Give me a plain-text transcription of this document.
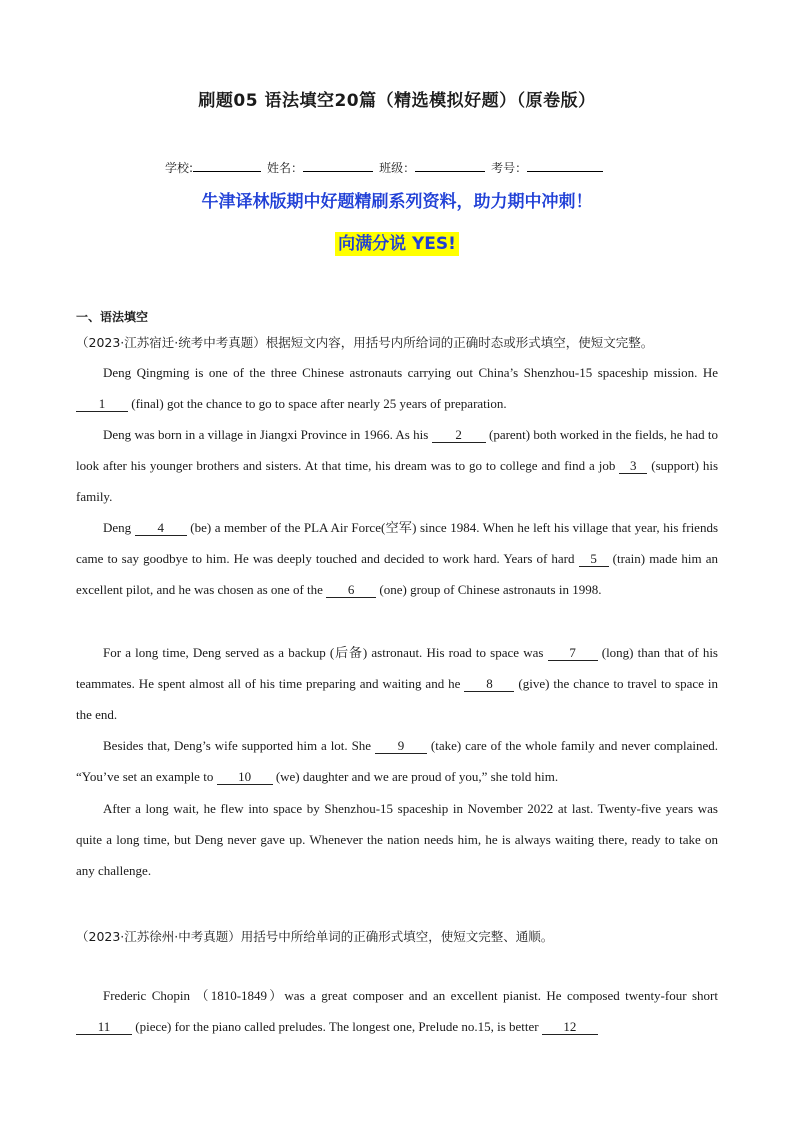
刷题05 语法填空20篇（精选模拟好题）（原卷版）
学校:	姓名：	班级：	考号：
牛津译林版期中好题精刷系列资料，助力期中冲刺！
向满分说 YES!
一、语法填空
（2023·江苏宿迁·统考中考真题）根据短文内容，用括号内所给词的正确时态或形式填空，使短文完整。
Deng Qingming is one of the three Chinese astronauts carrying out China’s Shenzhou-15 spaceship mission. He 1 (final) got the chance to go to space after nearly 25 years of preparation.
Deng was born in a village in Jiangxi Province in 1966. As his 2 (parent) both worked in the fields, he had to look after his younger brothers and sisters. At that time, his dream was to go to college and find a job 3 (support) his family.
Deng 4 (be) a member of the PLA Air Force(空军) since 1984. When he left his village that year, his friends came to say goodbye to him. He was deeply touched and decided to work hard. Years of hard 5 (train) made him an excellent pilot, and he was chosen as one of the 6 (one) group of Chinese astronauts in 1998.
For a long time, Deng served as a backup (后备) astronaut. His road to space was 7 (long) than that of his teammates. He spent almost all of his time preparing and waiting and he 8 (give) the chance to travel to space in the end.
Besides that, Deng’s wife supported him a lot. She 9 (take) care of the whole family and never complained. “You’ve set an example to 10 (we) daughter and we are proud of you,” she told him.
After a long wait, he flew into space by Shenzhou-15 spaceship in November 2022 at last. Twenty-five years was quite a long time, but Deng never gave up. Whenever the nation needs him, he is always waiting there, ready to take on any challenge.
（2023·江苏徐州·中考真题）用括号中所给单词的正确形式填空，使短文完整、通顺。
Frederic Chopin （1810-1849）was a great composer and an excellent pianist. He composed twenty-four short 11 (piece) for the piano called preludes. The longest one, Prelude no.15, is better 12
